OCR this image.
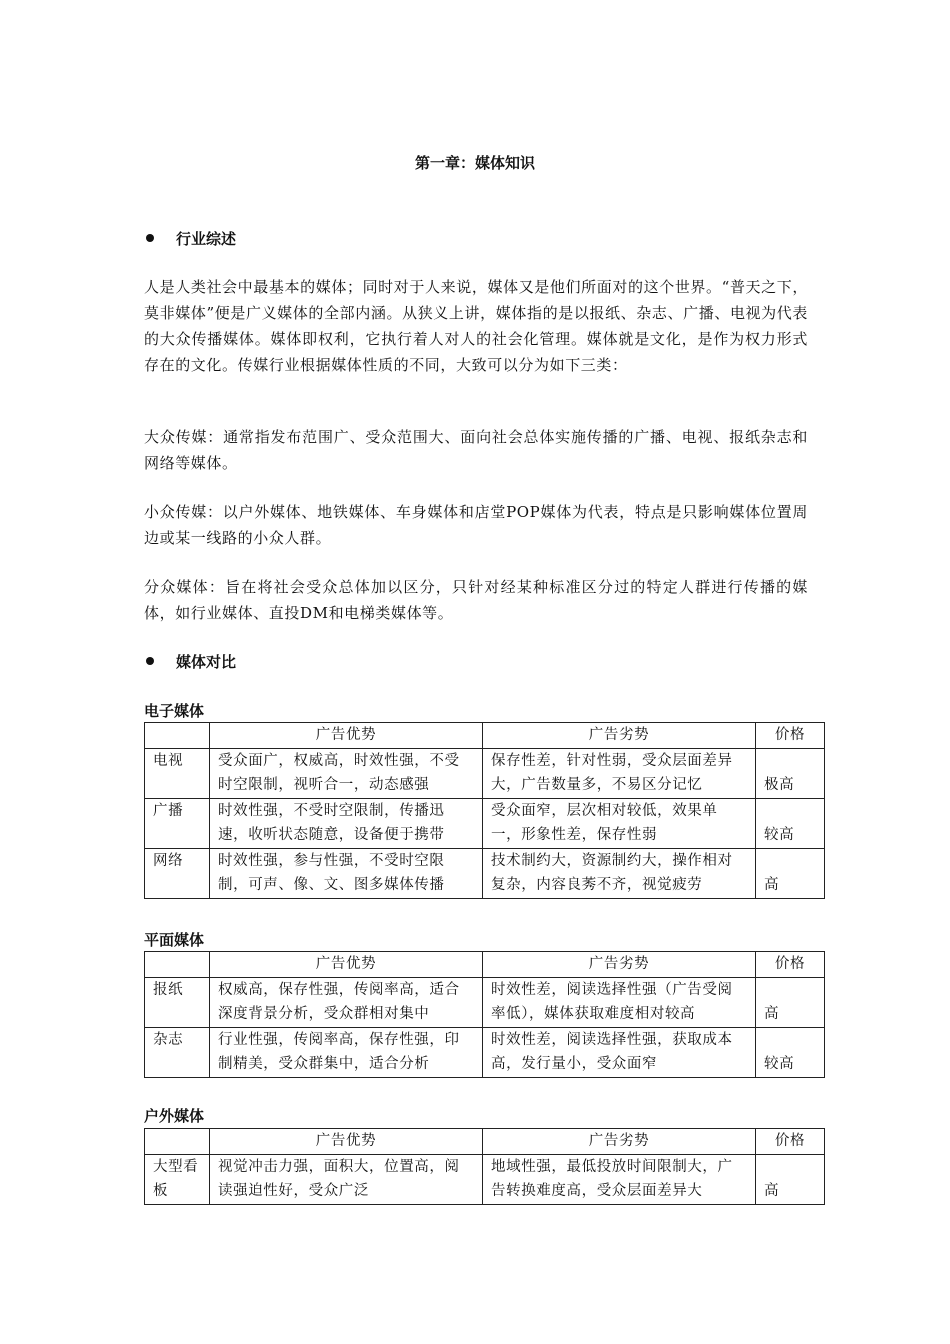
第一章：媒体知识
行业综述

人是人类社会中最基本的媒体；同时对于人来说，媒体又是他们所面对的这个世界。“普天之下，莫非媒体”便是广义媒体的全部内涵。从狭义上讲，媒体指的是以报纸、杂志、广播、电视为代表的大众传播媒体。媒体即权利，它执行着人对人的社会化管理。媒体就是文化，是作为权力形式存在的文化。传媒行业根据媒体性质的不同，大致可以分为如下三类：

大众传媒：通常指发布范围广、受众范围大、面向社会总体实施传播的广播、电视、报纸杂志和网络等媒体。

小众传媒：以户外媒体、地铁媒体、车身媒体和店堂POP媒体为代表，特点是只影响媒体位置周边或某一线路的小众人群。

分众媒体：旨在将社会受众总体加以区分，只针对经某种标准区分过的特定人群进行传播的媒体，如行业媒体、直投DM和电梯类媒体等。

媒体对比
电子媒体
	广告优势	广告劣势	价格
电视	受众面广，权威高，时效性强，不受时空限制，视听合一，动态感强	保存性差，针对性弱，受众层面差异大，广告数量多，不易区分记忆	极高
广播	时效性强，不受时空限制，传播迅速，收听状态随意，设备便于携带	受众面窄，层次相对较低，效果单一，形象性差，保存性弱	较高
网络	时效性强，参与性强，不受时空限制，可声、像、文、图多媒体传播	技术制约大，资源制约大，操作相对复杂，内容良莠不齐，视觉疲劳	高
平面媒体
	广告优势	广告劣势	价格
报纸	权威高，保存性强，传阅率高，适合深度背景分析，受众群相对集中	时效性差，阅读选择性强（广告受阅率低），媒体获取难度相对较高	高
杂志	行业性强，传阅率高，保存性强，印制精美，受众群集中，适合分析	时效性差，阅读选择性强，获取成本高，发行量小，受众面窄	较高
户外媒体
	广告优势	广告劣势	价格
大型看板	视觉冲击力强，面积大，位置高，阅读强迫性好，受众广泛	地域性强，最低投放时间限制大，广告转换难度高，受众层面差异大	高
